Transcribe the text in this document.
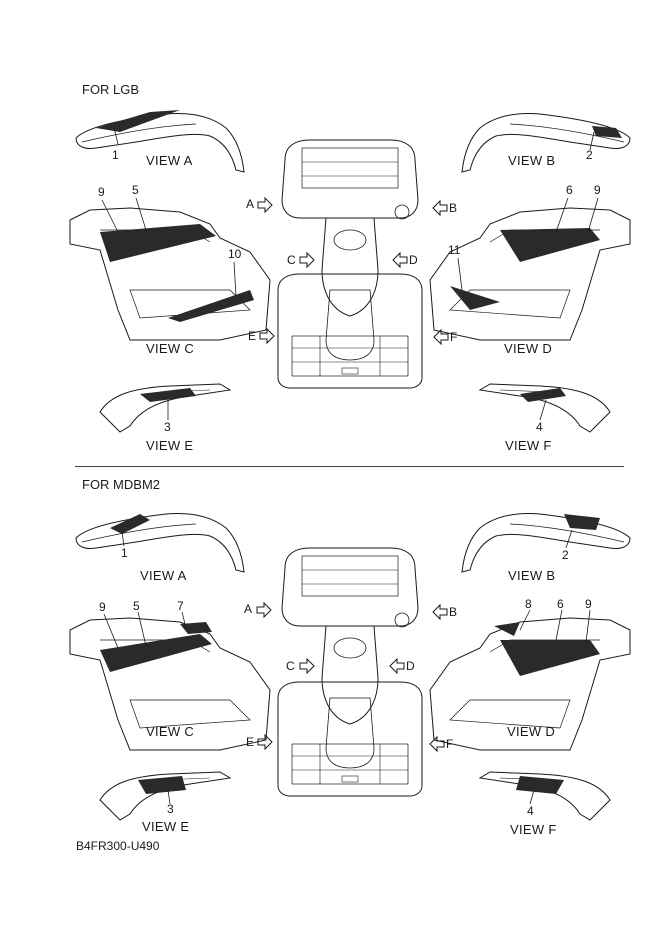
FOR LGB
VIEW A	VIEW B
VIEW C	VIEW D
VIEW E	VIEW F
1	2
9 5
10
6 9
11
3	4
A	B
C	D
E	F
FOR MDBM2
VIEW A	VIEW B
VIEW C	VIEW D
VIEW E	VIEW F
1	2
9 5	7	8 6 9
3	4
A	B
C	D
E	F
B4FR300-U490
